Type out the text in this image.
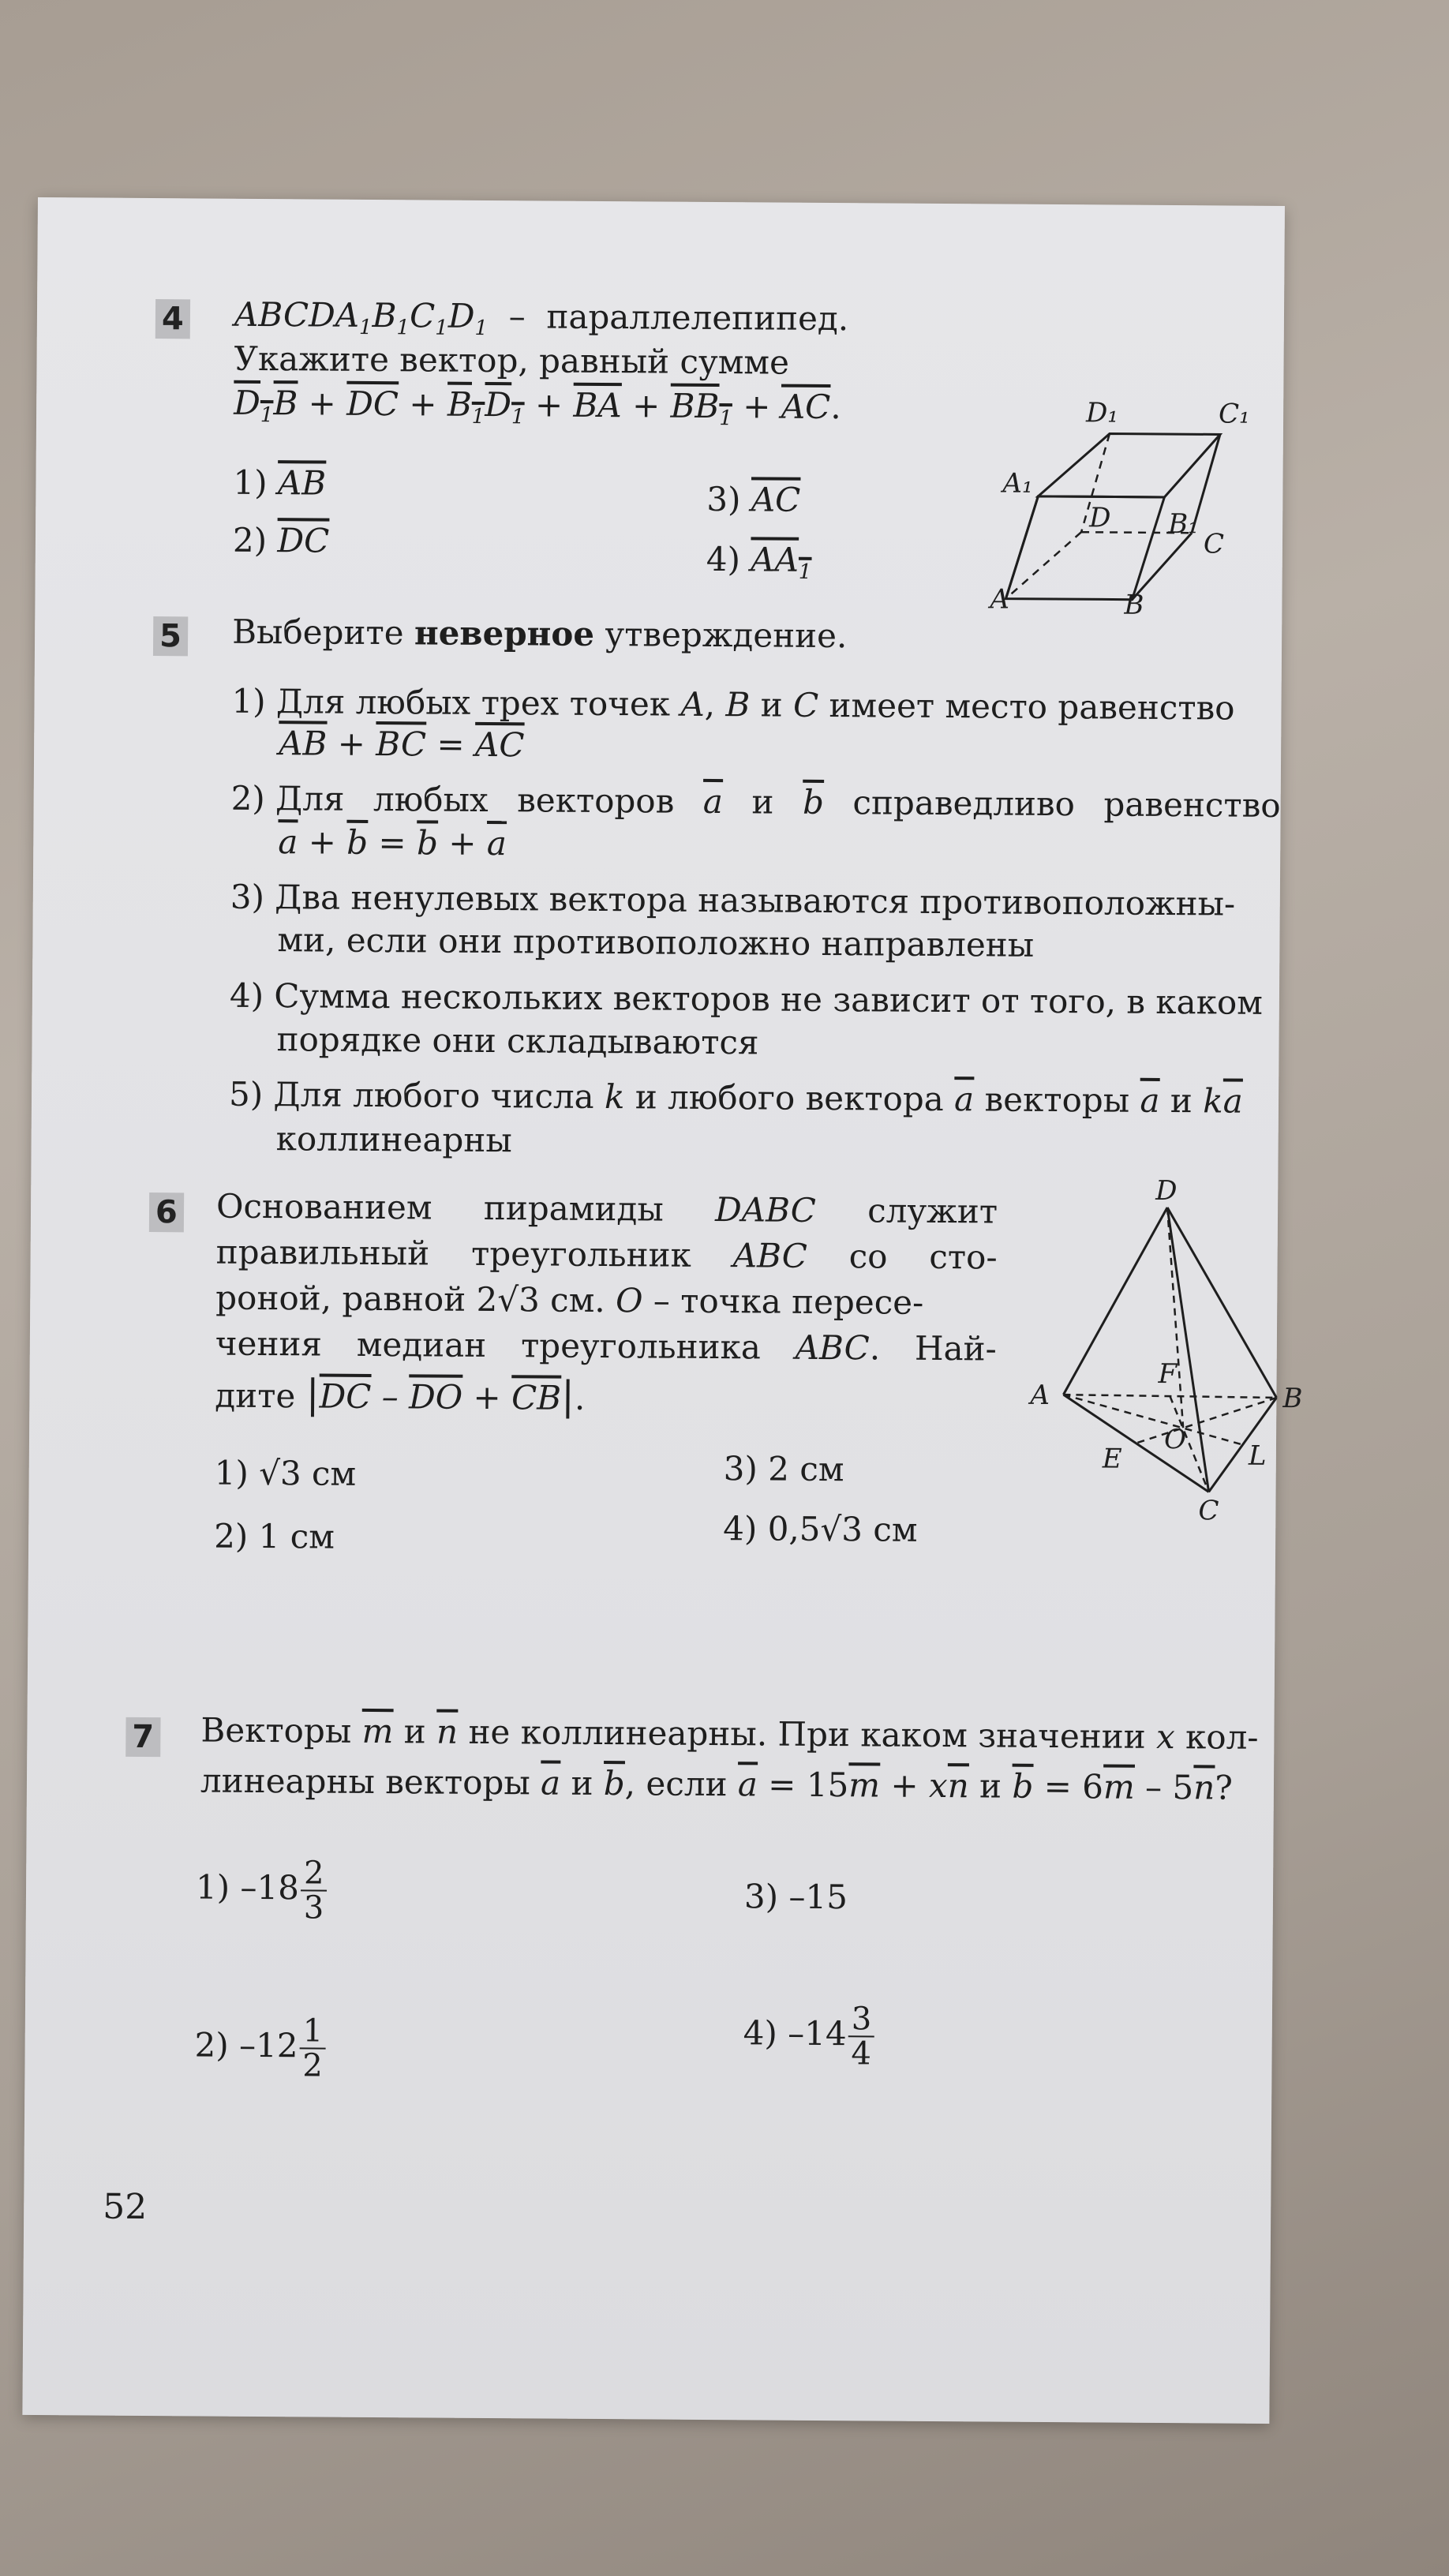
4 $ABCDA_1B_1C_1D_1$  –  параллелепипед.
Укажите вектор, равный сумме
$D_1B + \overline{DC} + B_1D_1 + \overline{BA} + BB_1 + \overline{AC}$.
1) $\overline{AB}$
2) $\overline{DC}$
3) $\overline{AC}$
4) $AA_1$
D₁	C₁
A₁
B₁
D
C
A	B
5 Выберите неверное утверждение.
1) Для любых трех точек A, B и C имеет место равенство
$\overline{AB} + \overline{BC} = \overline{AC}$
2) Для любых векторов $\overline{a}$ и $\overline{b}$ справедливо равенство
$\overline{a} + \overline{b} = \overline{b} + \overline{a}$
3) Два ненулевых вектора называются противоположны-
ми, если они противоположно направлены
4) Сумма нескольких векторов не зависит от того, в каком
порядке они складываются
5) Для любого числа k и любого вектора $\overline{a}$ векторы $\overline{a}$ и $k\overline{a}$
коллинеарны
6 Основанием пирамиды DABC служит
правильный треугольник ABC со сто-
роной, равной 2√3 см. O – точка пересе-
чения медиан треугольника ABC. Най-
дите $|\overline{DC} - \overline{DO} + \overline{CB}|$.
1) √3 см
2) 1 см
3) 2 см
4) 0,5√3 см
D
A	B
F
E
O
L
C
7 Векторы $\overline{m}$ и $\overline{n}$ не коллинеарны. При каком значении x кол-
линеарны векторы $\overline{a}$ и $\overline{b}$, если $\overline{a} = 15\overline{m} + x\overline{n}$ и $\overline{b} = 6\overline{m} - 5\overline{n}$?
1) $-18 \frac{2}{3}$
2) $-12 \frac{1}{2}$
3) –15
4) $-14 \frac{3}{4}$
52
